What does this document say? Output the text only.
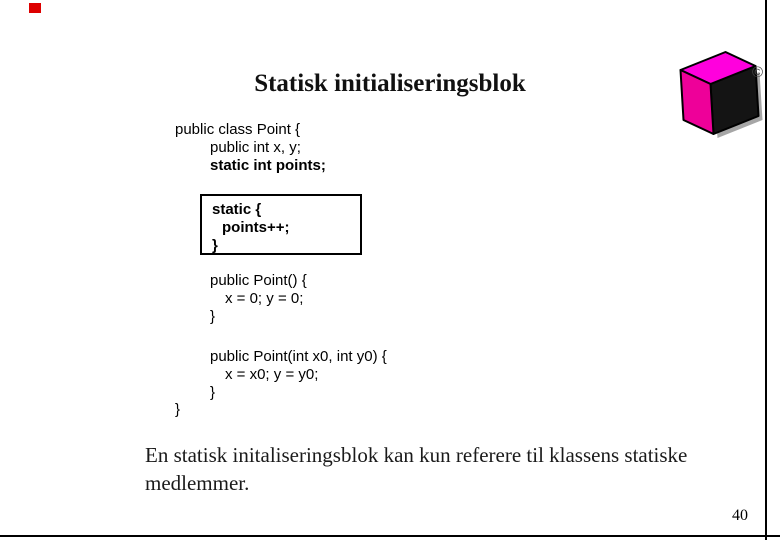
©
Statisk initialiseringsblok
public class Point {
public int x, y;
static int points;
static {
points++;
}
public Point() {
x = 0; y = 0;
}
public Point(int x0, int y0) {
x = x0; y = y0;
}
}
En statisk initaliseringsblok kan kun referere til klassens statiske medlemmer.
40
